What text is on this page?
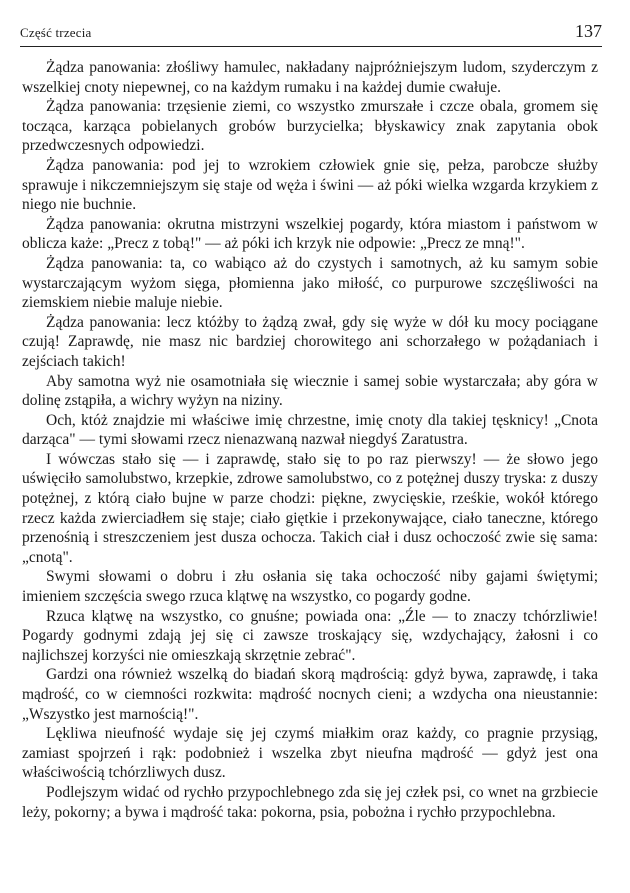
Część trzecia	137

Żądza panowania: złośliwy hamulec, nakładany najpróżniejszym ludom, szyderczym z wszelkiej cnoty niepewnej, co na każdym rumaku i na każdej dumie cwałuje.

Żądza panowania: trzęsienie ziemi, co wszystko zmurszałe i czcze obala, gromem się tocząca, karząca pobielanych grobów burzycielka; błyskawicy znak zapytania obok przedwczesnych odpowiedzi.

Żądza panowania: pod jej to wzrokiem człowiek gnie się, pełza, parobcze służby sprawuje i nikczemniejszym się staje od węża i świni — aż póki wielka wzgarda krzykiem z niego nie buchnie.

Żądza panowania: okrutna mistrzyni wszelkiej pogardy, która miastom i państwom w oblicza każe: „Precz z tobą!" — aż póki ich krzyk nie odpowie: „Precz ze mną!".

Żądza panowania: ta, co wabiąco aż do czystych i samotnych, aż ku samym sobie wystarczającym wyżom sięga, płomienna jako miłość, co purpurowe szczęśliwości na ziemskiem niebie maluje niebie.

Żądza panowania: lecz któżby to żądzą zwał, gdy się wyże w dół ku mocy pociągane czują! Zaprawdę, nie masz nic bardziej chorowitego ani schorzałego w pożądaniach i zejściach takich!

Aby samotna wyż nie osamotniała się wiecznie i samej sobie wystarczała; aby góra w dolinę zstąpiła, a wichry wyżyn na niziny.

Och, któż znajdzie mi właściwe imię chrzestne, imię cnoty dla takiej tęsknicy! „Cnota darząca" — tymi słowami rzecz nienazwaną nazwał niegdyś Zaratustra.

I wówczas stało się — i zaprawdę, stało się to po raz pierwszy! — że słowo jego uświęciło samolubstwo, krzepkie, zdrowe samolubstwo, co z potężnej duszy tryska: z duszy potężnej, z którą ciało bujne w parze chodzi: piękne, zwycięskie, rześkie, wokół którego rzecz każda zwierciadłem się staje; ciało giętkie i przekonywające, ciało taneczne, którego przenośnią i streszczeniem jest dusza ochocza. Takich ciał i dusz ochoczość zwie się sama: „cnotą".

Swymi słowami o dobru i złu osłania się taka ochoczość niby gajami świętymi; imieniem szczęścia swego rzuca klątwę na wszystko, co pogardy godne.

Rzuca klątwę na wszystko, co gnuśne; powiada ona: „Źle — to znaczy tchórzliwie! Pogardy godnymi zdają jej się ci zawsze troskający się, wzdychający, żałosni i co najlichszej korzyści nie omieszkają skrzętnie zebrać".

Gardzi ona również wszelką do biadań skorą mądrością: gdyż bywa, zaprawdę, i taka mądrość, co w ciemności rozkwita: mądrość nocnych cieni; a wzdycha ona nieustannie: „Wszystko jest marnością!".

Lękliwa nieufność wydaje się jej czymś miałkim oraz każdy, co pragnie przysiąg, zamiast spojrzeń i rąk: podobnież i wszelka zbyt nieufna mądrość — gdyż jest ona właściwością tchórzliwych dusz.

Podlejszym widać od rychło przypochlebnego zda się jej człek psi, co wnet na grzbiecie leży, pokorny; a bywa i mądrość taka: pokorna, psia, pobożna i rychło przypochlebna.
